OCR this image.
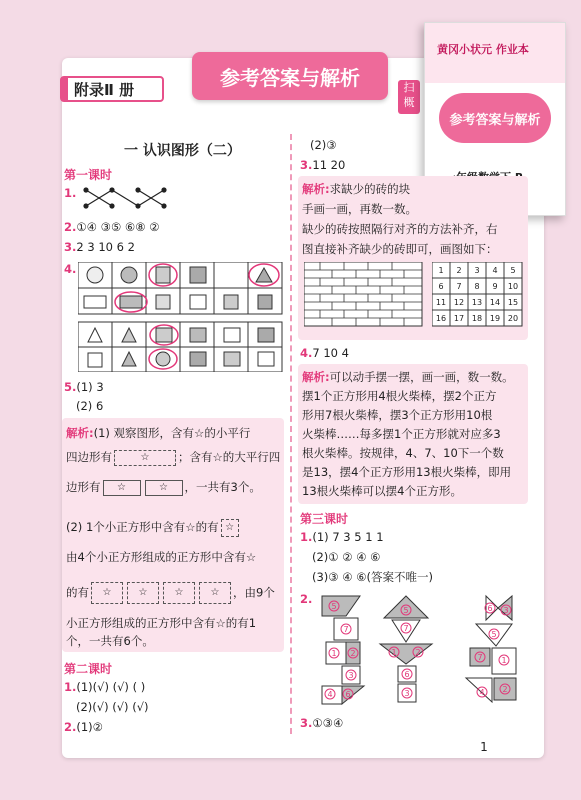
附录Ⅱ 册	参考答案与解析	扫 概
黄冈小状元 作业本
参考答案与解析
一 认识图形（二）
第一课时
1.
2.①④ ③⑤ ⑥⑧ ②
3.2 3 10 6 2
4.
5.(1) 3
(2) 6
解析:(1) 观察图形，含有☆的小平行
四边形有	☆ ；含有☆的大平行四
边形有 ☆	☆ ，一共有3个。
(2) 1个小正方形中含有☆的有 ☆
由4个小正方形组成的正方形中含有☆
的有 ☆	☆	☆	☆ ，由9个
小正方形组成的正方形中含有☆的有1
个，一共有6个。
第二课时
1.(1)(√) (√) ( )
(2)(√) (√) (√)
2.(1)②
(2)③
3.11 20
解析:求缺少的砖的块
手画一画，再数一数。
缺少的砖按照隔行对齐的方法补齐，右
图直接补齐缺少的砖即可，画图如下：
1 2 3 4 5
6 7 8 9 10
11 12 13 14 15
16 17 18 19 20
4.7 10 4
解析:可以动手摆一摆，画一画，数一数。
摆1个正方形用4根火柴棒，摆2个正方
形用7根火柴棒，摆3个正方形用10根
火柴棒……每多摆1个正方形就对应多3
根火柴棒。按规律，4、7、10下一个数
是13，摆4个正方形用13根火柴棒，即用
13根火柴棒可以摆4个正方形。
第三课时
1.(1) 7 3 5 1 1
(2)① ② ④ ⑥
(3)③ ④ ⑥(答案不唯一)
2.
5
7
1 2
3
6
4
5
7
1 2
6
3
6 3
5
7 1
4 2
3.①③④
1
